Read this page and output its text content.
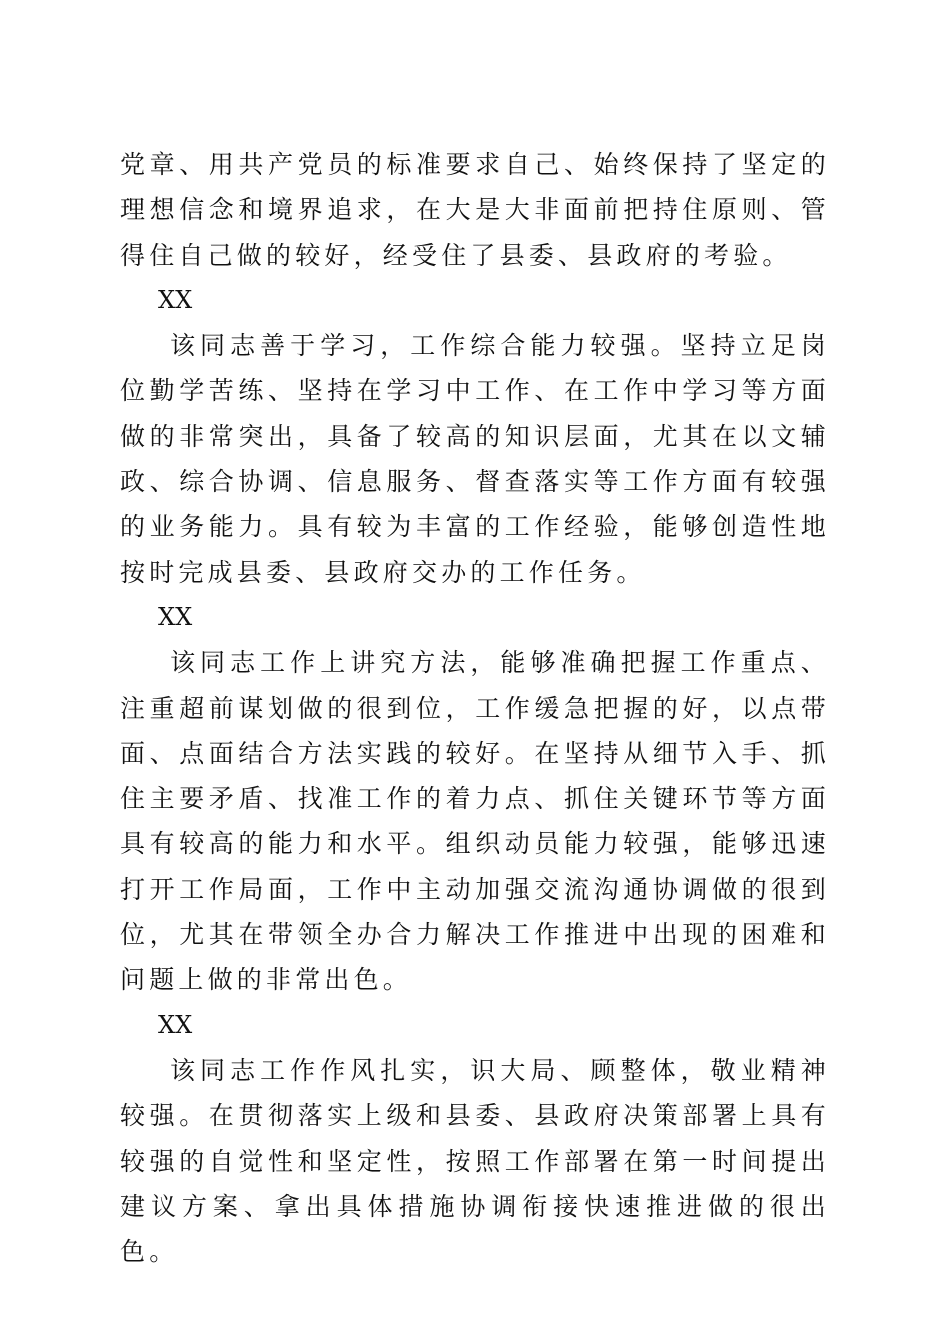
党章、用共产党员的标准要求自己、始终保持了坚定的理想信念和境界追求，在大是大非面前把持住原则、管得住自己做的较好，经受住了县委、县政府的考验。

XX

该同志善于学习，工作综合能力较强。坚持立足岗位勤学苦练、坚持在学习中工作、在工作中学习等方面做的非常突出，具备了较高的知识层面，尤其在以文辅政、综合协调、信息服务、督查落实等工作方面有较强的业务能力。具有较为丰富的工作经验，能够创造性地按时完成县委、县政府交办的工作任务。

XX

该同志工作上讲究方法，能够准确把握工作重点、注重超前谋划做的很到位，工作缓急把握的好，以点带面、点面结合方法实践的较好。在坚持从细节入手、抓住主要矛盾、找准工作的着力点、抓住关键环节等方面具有较高的能力和水平。组织动员能力较强，能够迅速打开工作局面，工作中主动加强交流沟通协调做的很到位，尤其在带领全办合力解决工作推进中出现的困难和问题上做的非常出色。

XX

该同志工作作风扎实，识大局、顾整体，敬业精神较强。在贯彻落实上级和县委、县政府决策部署上具有较强的自觉性和坚定性，按照工作部署在第一时间提出建议方案、拿出具体措施协调衔接快速推进做的很出色。
